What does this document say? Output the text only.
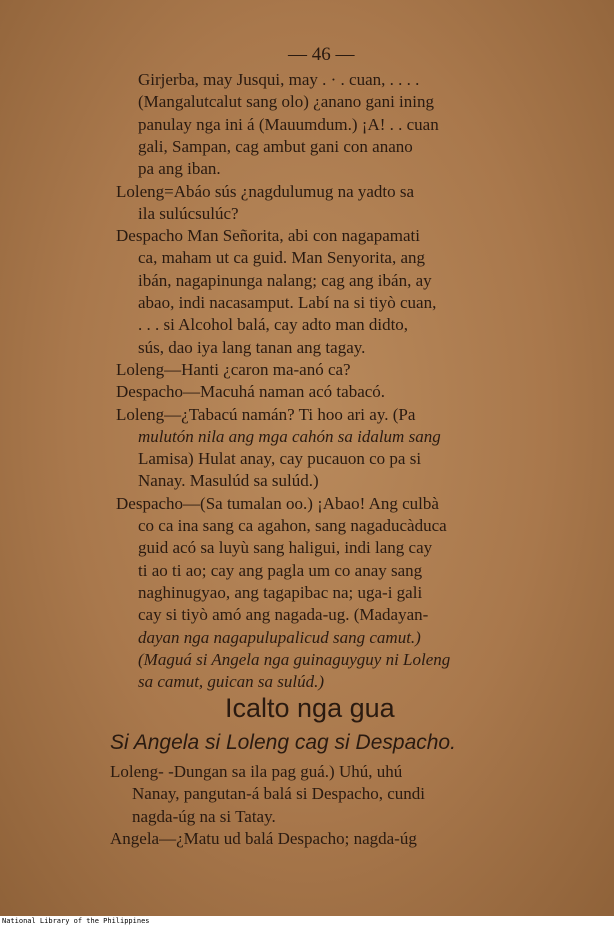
— 46 —
Girjerba, may Jusqui, may . · . cuan, . . . .
(Mangalutcalut sang olo) ¿anano gani ining
panulay nga ini á (Mauumdum.) ¡A! . . cuan
gali, Sampan, cag ambut gani con anano
pa ang iban.
Loleng=Abáo sús ¿nagdulumug na yadto sa
ila sulúcsulúc?
Despacho Man Señorita, abi con nagapamati
ca, maham ut ca guid. Man Senyorita, ang
ibán, nagapinunga nalang; cag ang ibán, ay
abao, indi nacasamput. Labí na si tiyò cuan,
. . . si Alcohol balá, cay adto man didto,
sús, dao iya lang tanan ang tagay.
Loleng—Hanti ¿caron ma-anó ca?
Despacho—Macuhá naman acó tabacó.
Loleng—¿Tabacú namán? Ti hoo ari ay. (Pa
mulutón nila ang mga cahón sa idalum sang
Lamisa) Hulat anay, cay pucauon co pa si
Nanay. Masulúd sa sulúd.)
Despacho—(Sa tumalan oo.) ¡Abao! Ang culbà
co ca ina sang ca agahon, sang nagaducàduca
guid acó sa luyù sang haligui, indi lang cay
ti ao ti ao; cay ang pagla um co anay sang
naghinugyao, ang tagapibac na; uga-i gali
cay si tiyò amó ang nagada-ug. (Madayan-
dayan nga nagapulupalicud sang camut.)
(Maguá si Angela nga guinaguyguy ni Loleng
sa camut, guican sa sulúd.)
Icalto nga gua
Si Angela si Loleng cag si Despacho.
Loleng- -Dungan sa ila pag guá.) Uhú, uhú
Nanay, pangutan-á balá si Despacho, cundi
nagda-úg na si Tatay.
Angela—¿Matu ud balá Despacho; nagda-úg
National Library of the Philippines
